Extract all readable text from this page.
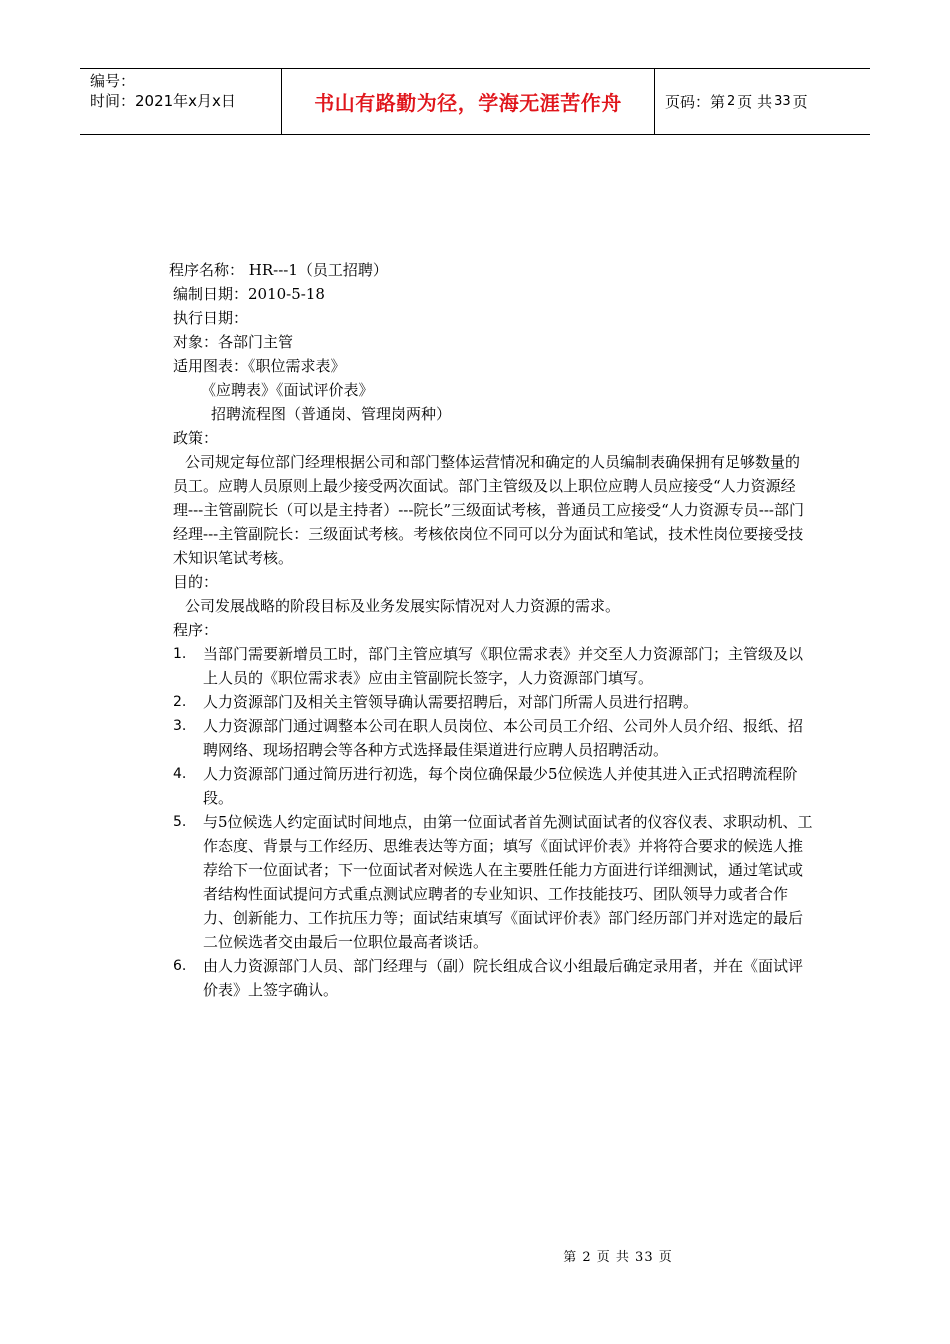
编号：
时间：2021年x月x日	书山有路勤为径，学海无涯苦作舟	页码：第 2 页 共 33 页

程序名称： HR---1（员工招聘）

编制日期：2010-5-18

执行日期：

对象：各部门主管

适用图表：《职位需求表》

《应聘表》《面试评价表》

招聘流程图（普通岗、管理岗两种）

政策：

公司规定每位部门经理根据公司和部门整体运营情况和确定的人员编制表确保拥有足够数量的员工。应聘人员原则上最少接受两次面试。部门主管级及以上职位应聘人员应接受“人力资源经理---主管副院长（可以是主持者）---院长”三级面试考核，普通员工应接受“人力资源专员---部门经理---主管副院长：三级面试考核。考核依岗位不同可以分为面试和笔试，技术性岗位要接受技术知识笔试考核。

目的：

公司发展战略的阶段目标及业务发展实际情况对人力资源的需求。

程序：

1. 当部门需要新增员工时，部门主管应填写《职位需求表》并交至人力资源部门；主管级及以上人员的《职位需求表》应由主管副院长签字，人力资源部门填写。
2. 人力资源部门及相关主管领导确认需要招聘后，对部门所需人员进行招聘。
3. 人力资源部门通过调整本公司在职人员岗位、本公司员工介绍、公司外人员介绍、报纸、招聘网络、现场招聘会等各种方式选择最佳渠道进行应聘人员招聘活动。
4. 人力资源部门通过简历进行初选，每个岗位确保最少5位候选人并使其进入正式招聘流程阶段。
5. 与5位候选人约定面试时间地点，由第一位面试者首先测试面试者的仪容仪表、求职动机、工作态度、背景与工作经历、思维表达等方面；填写《面试评价表》并将符合要求的候选人推荐给下一位面试者；下一位面试者对候选人在主要胜任能力方面进行详细测试，通过笔试或者结构性面试提问方式重点测试应聘者的专业知识、工作技能技巧、团队领导力或者合作力、创新能力、工作抗压力等；面试结束填写《面试评价表》部门经历部门并对选定的最后二位候选者交由最后一位职位最高者谈话。
6. 由人力资源部门人员、部门经理与（副）院长组成合议小组最后确定录用者，并在《面试评价表》上签字确认。
第 2 页 共 33 页
